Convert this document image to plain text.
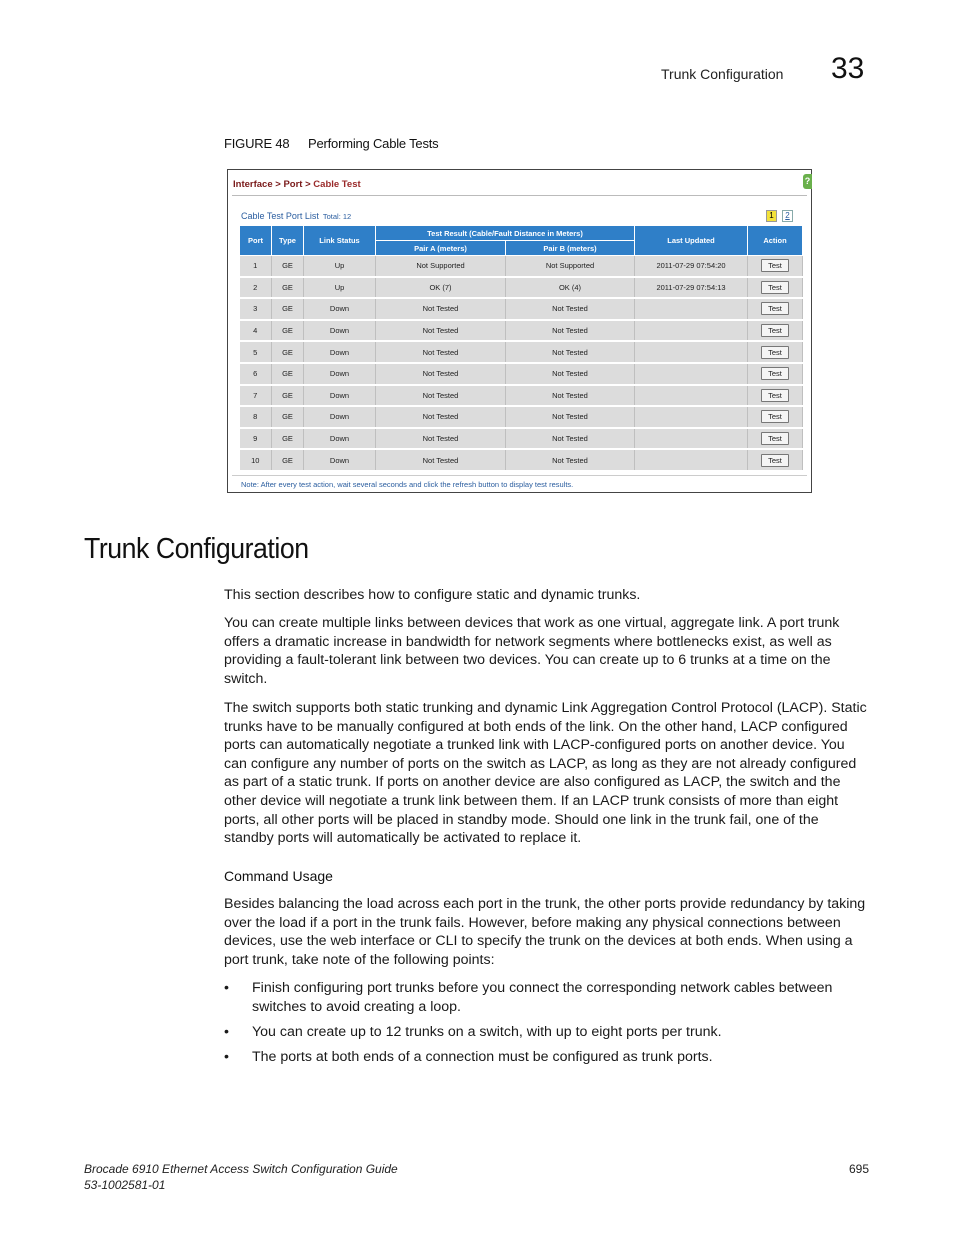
Trunk Configuration 33
FIGURE 48 Performing Cable Tests
Interface > Port > Cable Test	?
Cable Test Port List Total: 12	1	2
Port	Type	Link Status	Test Result (Cable/Fault Distance in Meters)		Last Updated	Action
			Pair A (meters)	Pair B (meters)		
1	GE	Up	Not Supported	Not Supported	2011-07-29 07:54:20	Test
2	GE	Up	OK (7)	OK (4)	2011-07-29 07:54:13	Test
3	GE	Down	Not Tested	Not Tested		Test
4	GE	Down	Not Tested	Not Tested		Test
5	GE	Down	Not Tested	Not Tested		Test
6	GE	Down	Not Tested	Not Tested		Test
7	GE	Down	Not Tested	Not Tested		Test
8	GE	Down	Not Tested	Not Tested		Test
9	GE	Down	Not Tested	Not Tested		Test
10	GE	Down	Not Tested	Not Tested		Test
Note: After every test action, wait several seconds and click the refresh button to display test results.
Trunk Configuration
This section describes how to configure static and dynamic trunks.
You can create multiple links between devices that work as one virtual, aggregate link. A port trunk offers a dramatic increase in bandwidth for network segments where bottlenecks exist, as well as providing a fault-tolerant link between two devices. You can create up to 6 trunks at a time on the switch.
The switch supports both static trunking and dynamic Link Aggregation Control Protocol (LACP). Static trunks have to be manually configured at both ends of the link. On the other hand, LACP configured ports can automatically negotiate a trunked link with LACP-configured ports on another device. You can configure any number of ports on the switch as LACP, as long as they are not already configured as part of a static trunk. If ports on another device are also configured as LACP, the switch and the other device will negotiate a trunk link between them. If an LACP trunk consists of more than eight ports, all other ports will be placed in standby mode. Should one link in the trunk fail, one of the standby ports will automatically be activated to replace it.
Command Usage
Besides balancing the load across each port in the trunk, the other ports provide redundancy by taking over the load if a port in the trunk fails. However, before making any physical connections between devices, use the web interface or CLI to specify the trunk on the devices at both ends. When using a port trunk, take note of the following points:
• Finish configuring port trunks before you connect the corresponding network cables between switches to avoid creating a loop.
• You can create up to 12 trunks on a switch, with up to eight ports per trunk.
• The ports at both ends of a connection must be configured as trunk ports.
Brocade 6910 Ethernet Access Switch Configuration Guide
53-1002581-01
695
